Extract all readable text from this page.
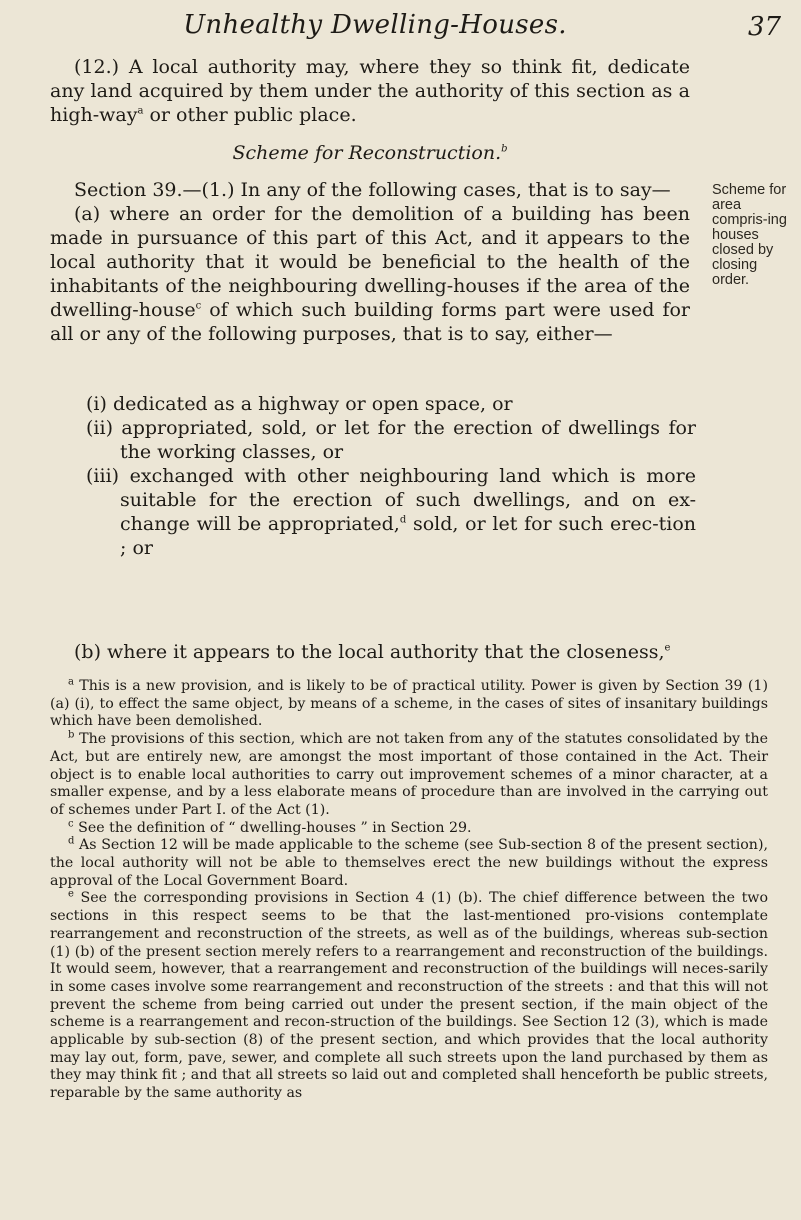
Unhealthy Dwelling-Houses.	37

(12.) A local authority may, where they so think fit, dedicate any land acquired by them under the authority of this section as a high-way$^a$ or other public place.

Scheme for Reconstruction.$^b$

Section 39.—(1.) In any of the following cases, that is to say—

(a) where an order for the demolition of a building has been made in pursuance of this part of this Act, and it appears to the local authority that it would be beneficial to the health of the inhabitants of the neighbouring dwelling-houses if the area of the dwelling-house$^c$ of which such building forms part were used for all or any of the following purposes, that is to say, either—

Scheme for area compris-ing houses closed by closing order.

(i) dedicated as a highway or open space, or

(ii) appropriated, sold, or let for the erection of dwellings for the working classes, or

(iii) exchanged with other neighbouring land which is more suitable for the erection of such dwellings, and on ex-change will be appropriated,$^d$ sold, or let for such erec-tion ; or

(b) where it appears to the local authority that the closeness,$^e$

$^a$ This is a new provision, and is likely to be of practical utility. Power is given by Section 39 (1) (a) (i), to effect the same object, by means of a scheme, in the cases of sites of insanitary buildings which have been demolished.

$^b$ The provisions of this section, which are not taken from any of the statutes consolidated by the Act, but are entirely new, are amongst the most important of those contained in the Act. Their object is to enable local authorities to carry out improvement schemes of a minor character, at a smaller expense, and by a less elaborate means of procedure than are involved in the carrying out of schemes under Part I. of the Act (1).

$^c$ See the definition of “ dwelling-houses ” in Section 29.

$^d$ As Section 12 will be made applicable to the scheme (see Sub-section 8 of the present section), the local authority will not be able to themselves erect the new buildings without the express approval of the Local Government Board.

$^e$ See the corresponding provisions in Section 4 (1) (b). The chief difference between the two sections in this respect seems to be that the last-mentioned pro-visions contemplate rearrangement and reconstruction of the streets, as well as of the buildings, whereas sub-section (1) (b) of the present section merely refers to a rearrangement and reconstruction of the buildings. It would seem, however, that a rearrangement and reconstruction of the buildings will neces-sarily in some cases involve some rearrangement and reconstruction of the streets : and that this will not prevent the scheme from being carried out under the present section, if the main object of the scheme is a rearrangement and recon-struction of the buildings. See Section 12 (3), which is made applicable by sub-section (8) of the present section, and which provides that the local authority may lay out, form, pave, sewer, and complete all such streets upon the land purchased by them as they may think fit ; and that all streets so laid out and completed shall henceforth be public streets, reparable by the same authority as
